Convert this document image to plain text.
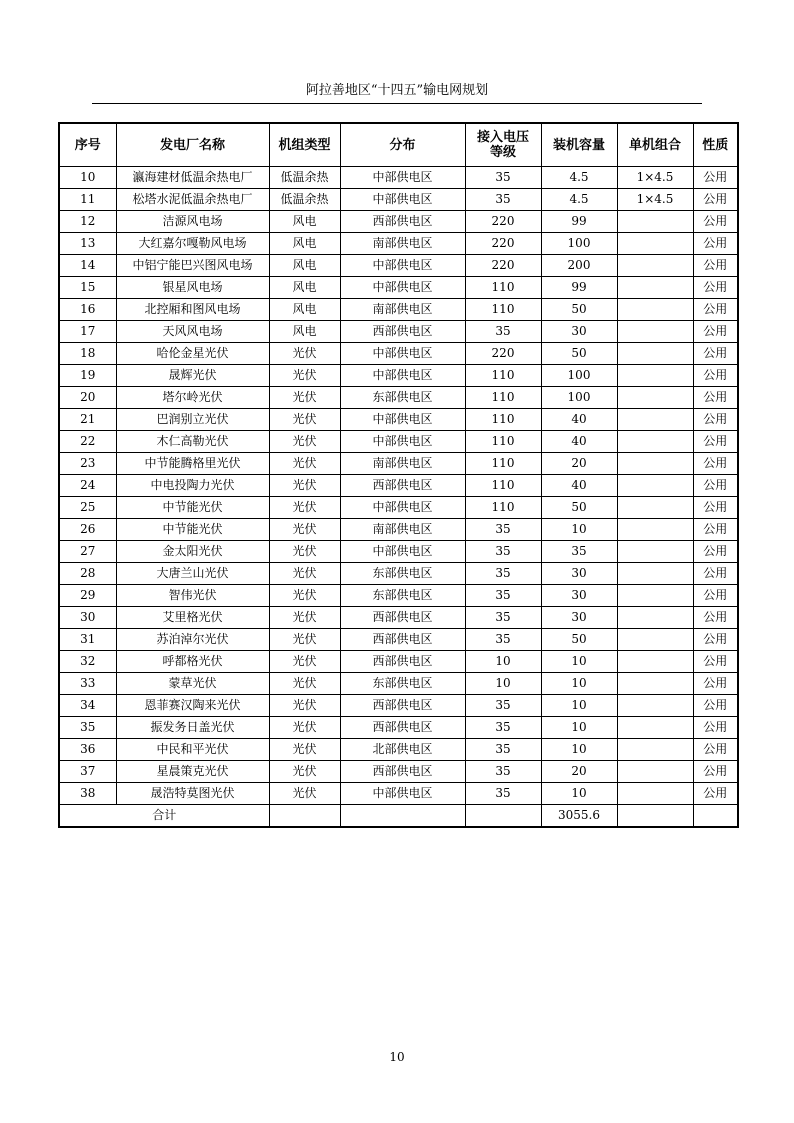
阿拉善地区“十四五”输电网规划
序号	发电厂名称	机组类型	分布	接入电压等级	装机容量	单机组合	性质
10	瀛海建材低温余热电厂	低温余热	中部供电区	35	4.5	1×4.5	公用
11	松塔水泥低温余热电厂	低温余热	中部供电区	35	4.5	1×4.5	公用
12	洁源风电场	风电	西部供电区	220	99		公用
13	大红嘉尔嘎勒风电场	风电	南部供电区	220	100		公用
14	中铝宁能巴兴图风电场	风电	中部供电区	220	200		公用
15	银星风电场	风电	中部供电区	110	99		公用
16	北控厢和图风电场	风电	南部供电区	110	50		公用
17	天风风电场	风电	西部供电区	35	30		公用
18	哈伦金星光伏	光伏	中部供电区	220	50		公用
19	晟辉光伏	光伏	中部供电区	110	100		公用
20	塔尔岭光伏	光伏	东部供电区	110	100		公用
21	巴润别立光伏	光伏	中部供电区	110	40		公用
22	木仁高勒光伏	光伏	中部供电区	110	40		公用
23	中节能腾格里光伏	光伏	南部供电区	110	20		公用
24	中电投陶力光伏	光伏	西部供电区	110	40		公用
25	中节能光伏	光伏	中部供电区	110	50		公用
26	中节能光伏	光伏	南部供电区	35	10		公用
27	金太阳光伏	光伏	中部供电区	35	35		公用
28	大唐兰山光伏	光伏	东部供电区	35	30		公用
29	智伟光伏	光伏	东部供电区	35	30		公用
30	艾里格光伏	光伏	西部供电区	35	30		公用
31	苏泊淖尔光伏	光伏	西部供电区	35	50		公用
32	呼都格光伏	光伏	西部供电区	10	10		公用
33	蒙草光伏	光伏	东部供电区	10	10		公用
34	恩菲赛汉陶来光伏	光伏	西部供电区	35	10		公用
35	振发务日盖光伏	光伏	西部供电区	35	10		公用
36	中民和平光伏	光伏	北部供电区	35	10		公用
37	星晨策克光伏	光伏	西部供电区	35	20		公用
38	晟浩特莫图光伏	光伏	中部供电区	35	10		公用
合计					3055.6		
10
